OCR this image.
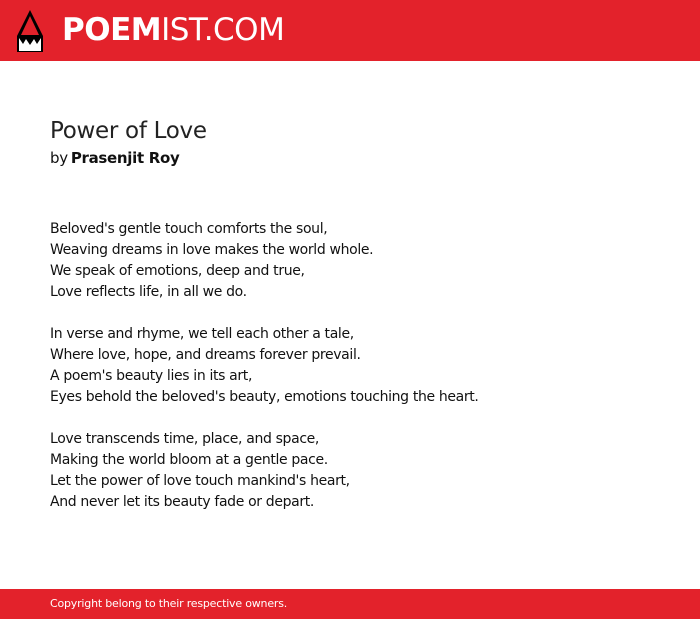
POEMIST.COM
Power of Love
by Prasenjit Roy
Beloved's gentle touch comforts the soul,
Weaving dreams in love makes the world whole.
We speak of emotions, deep and true,
Love reflects life, in all we do.
In verse and rhyme, we tell each other a tale,
Where love, hope, and dreams forever prevail.
A poem's beauty lies in its art,
Eyes behold the beloved's beauty, emotions touching the heart.
Love transcends time, place, and space,
Making the world bloom at a gentle pace.
Let the power of love touch mankind's heart,
And never let its beauty fade or depart.
Copyright belong to their respective owners.
